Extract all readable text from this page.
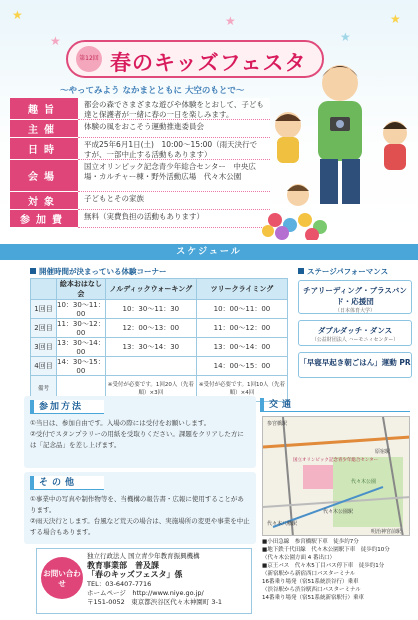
★
★	★
★
★
第12回 春のキッズフェスタ
〜やってみよう なかまとともに 大空のもとで〜
趣旨
都会の森でさまざまな遊びや体験をとおして、子ども達と保護者が一緒に春の一日を楽しみます。
主催	体験の風をおこそう運動推進委員会
日時
平成25年6月1日(土)　10:00〜15:00（雨天決行ですが、一部中止する活動もあります）
会場
国立オリンピック記念青少年総合センター　中央広場・カルチャー棟・野外活動広場　代々木公園
対象	子どもとその家族
参加費	無料（実費負担の活動もあります）
スケジュール
開催時間が決まっている体験コーナー	ステージパフォーマンス
	絵本おはなし会	ノルディックウォーキング	ツリークライミング
1回目	10：30〜11：00	10：30〜11：30	10：00〜11：00
2回目	11：30〜12：00	12：00〜13：00	11：00〜12：00
3回目	13：30〜14：00	13：30〜14：30	13：00〜14：00
4回目	14：30〜15：00		14：00〜15：00
備考		※受付が必要です。1回20人（先着順）×3回	※受付が必要です。1回10人（先着順）×4回
チアリーディング・ブラスバンド・応援団
（日本体育大学）
ダブルダッチ・ダンス
（公益財団法人 ハーモニィセンター）
「早寝早起き朝ごはん」運動 PR
参加方法
①当日は、参加自由です。入場の際には受付をお願いします。
②受付でスタンプラリーの用紙を受取りください。課題をクリアした方には「記念品」を差し上げます。
その他
①事業中の写真や制作物等を、当機構の報告書・広報に使用することがあります。
②雨天決行とします。台風など荒天の場合は、実施場所の変更や事業を中止する場合もあります。
お問い合わせ
独立行政法人 国立青少年教育振興機構
教育事業部　普及課
「春のキッズフェスタ」係
TEL：03-6407-7716
ホームページ　http://www.niye.go.jp/
〒151-0052　東京都渋谷区代々木神園町 3-1
交通
参宮橋駅
代々木八幡駅
代々木公園駅
原宿駅
明治神宮前駅
国立オリンピック記念青少年総合センター
代々木公園
■小田急線　参宮橋駅下車　徒歩約7分
■地下鉄千代田線　代々木公園駅下車　徒歩約10分
（代々木公園方面 4 番出口）
■京王バス　代々木5丁目バス停下車　徒歩約1分
（新宿駅から新宿西口バスターミナル
16番乗り場発（宿51系統渋谷行）乗車
（渋谷駅から渋谷駅西口バスターミナル
14番乗り場発（宿51系統新宿駅行）乗車
